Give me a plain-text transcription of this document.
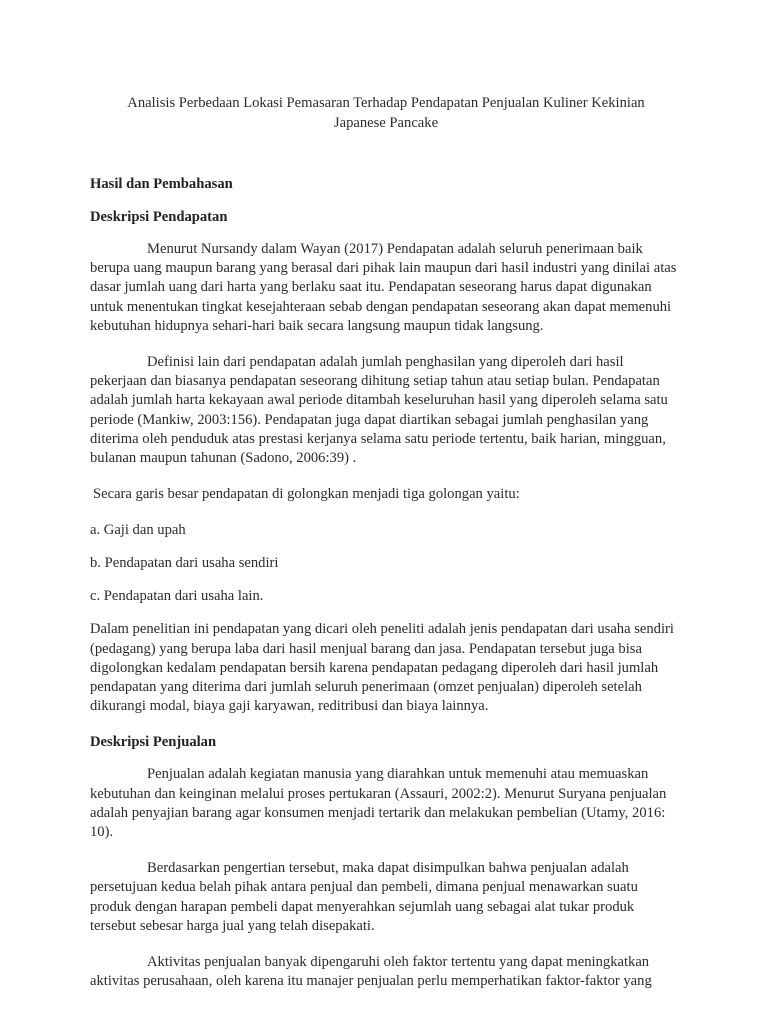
Analisis Perbedaan Lokasi Pemasaran Terhadap Pendapatan Penjualan Kuliner Kekinian
Japanese Pancake
Hasil dan Pembahasan
Deskripsi Pendapatan

Menurut Nursandy dalam Wayan (2017) Pendapatan adalah seluruh penerimaan baik berupa uang maupun barang yang berasal dari pihak lain maupun dari hasil industri yang dinilai atas dasar jumlah uang dari harta yang berlaku saat itu. Pendapatan seseorang harus dapat digunakan untuk menentukan tingkat kesejahteraan sebab dengan pendapatan seseorang akan dapat memenuhi kebutuhan hidupnya sehari-hari baik secara langsung maupun tidak langsung.

Definisi lain dari pendapatan adalah jumlah penghasilan yang diperoleh dari hasil pekerjaan dan biasanya pendapatan seseorang dihitung setiap tahun atau setiap bulan. Pendapatan adalah jumlah harta kekayaan awal periode ditambah keseluruhan hasil yang diperoleh selama satu periode (Mankiw, 2003:156). Pendapatan juga dapat diartikan sebagai jumlah penghasilan yang diterima oleh penduduk atas prestasi kerjanya selama satu periode tertentu, baik harian, mingguan, bulanan maupun tahunan (Sadono, 2006:39) .

Secara garis besar pendapatan di golongkan menjadi tiga golongan yaitu:

a. Gaji dan upah

b. Pendapatan dari usaha sendiri

c. Pendapatan dari usaha lain.

Dalam penelitian ini pendapatan yang dicari oleh peneliti adalah jenis pendapatan dari usaha sendiri (pedagang) yang berupa laba dari hasil menjual barang dan jasa. Pendapatan tersebut juga bisa digolongkan kedalam pendapatan bersih karena pendapatan pedagang diperoleh dari hasil jumlah pendapatan yang diterima dari jumlah seluruh penerimaan (omzet penjualan) diperoleh setelah dikurangi modal, biaya gaji karyawan, reditribusi dan biaya lainnya.

Deskripsi Penjualan

Penjualan adalah kegiatan manusia yang diarahkan untuk memenuhi atau memuaskan kebutuhan dan keinginan melalui proses pertukaran (Assauri, 2002:2). Menurut Suryana penjualan adalah penyajian barang agar konsumen menjadi tertarik dan melakukan pembelian (Utamy, 2016: 10).

Berdasarkan pengertian tersebut, maka dapat disimpulkan bahwa penjualan adalah persetujuan kedua belah pihak antara penjual dan pembeli, dimana penjual menawarkan suatu produk dengan harapan pembeli dapat menyerahkan sejumlah uang sebagai alat tukar produk tersebut sebesar harga jual yang telah disepakati.

Aktivitas penjualan banyak dipengaruhi oleh faktor tertentu yang dapat meningkatkan aktivitas perusahaan, oleh karena itu manajer penjualan perlu memperhatikan faktor-faktor yang
